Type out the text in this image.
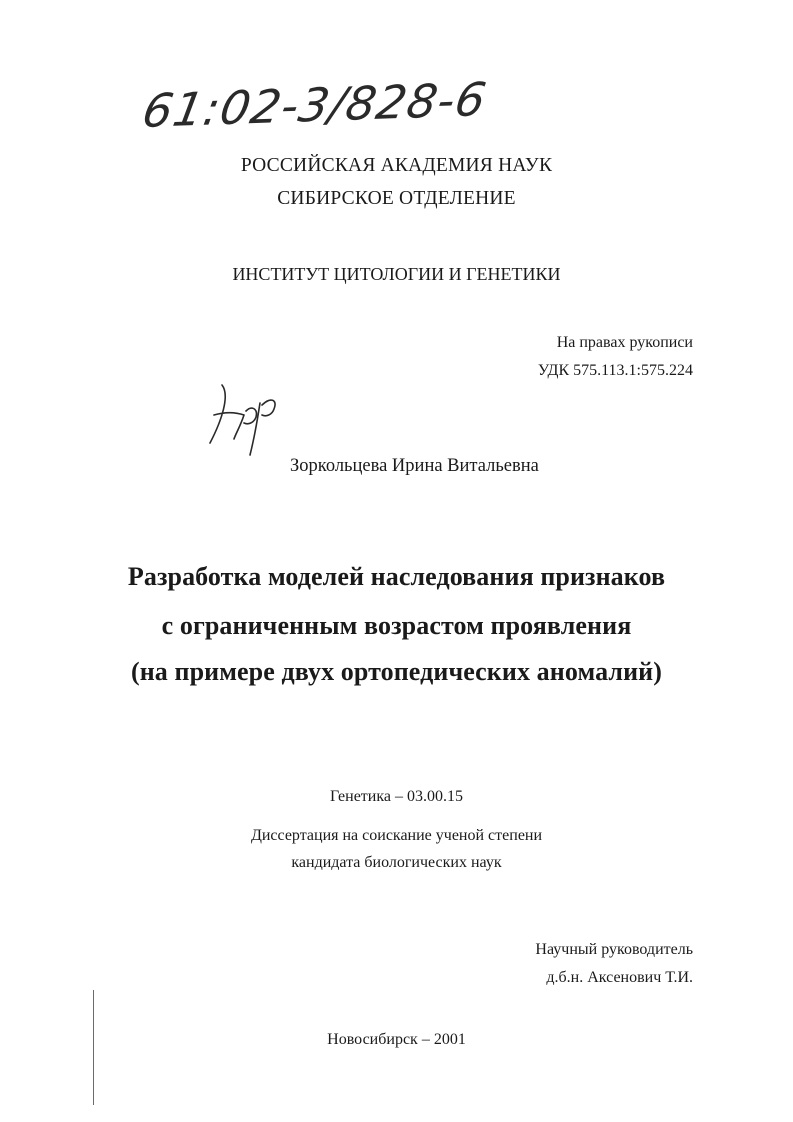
61:02-3/828-6
РОССИЙСКАЯ АКАДЕМИЯ НАУК
СИБИРСКОЕ ОТДЕЛЕНИЕ
ИНСТИТУТ ЦИТОЛОГИИ И ГЕНЕТИКИ
На правах рукописи
УДК 575.113.1:575.224
Зоркольцева Ирина Витальевна
Разработка моделей наследования признаков
с ограниченным возрастом проявления
(на примере двух ортопедических аномалий)
Генетика – 03.00.15
Диссертация на соискание ученой степени
кандидата биологических наук
Научный руководитель
д.б.н. Аксенович Т.И.
Новосибирск – 2001
